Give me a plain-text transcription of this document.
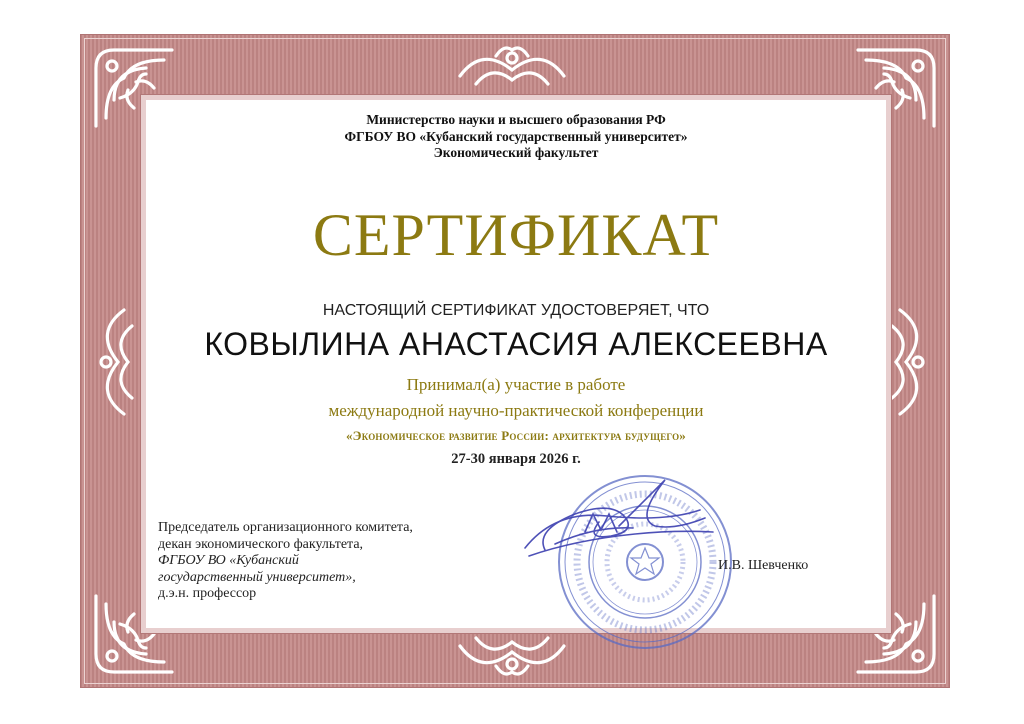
Министерство науки и высшего образования РФ
ФГБОУ ВО «Кубанский государственный университет»
Экономический факультет
СЕРТИФИКАТ
НАСТОЯЩИЙ СЕРТИФИКАТ УДОСТОВЕРЯЕТ, ЧТО
КОВЫЛИНА АНАСТАСИЯ АЛЕКСЕЕВНА
Принимал(а) участие в работе
международной научно-практической конференции
«Экономическое развитие России: архитектура будущего»
27-30 января 2026 г.
Председатель организационного комитета,
декан экономического факультета,
ФГБОУ ВО «Кубанский
государственный университет»,
д.э.н. профессор
И.В. Шевченко
